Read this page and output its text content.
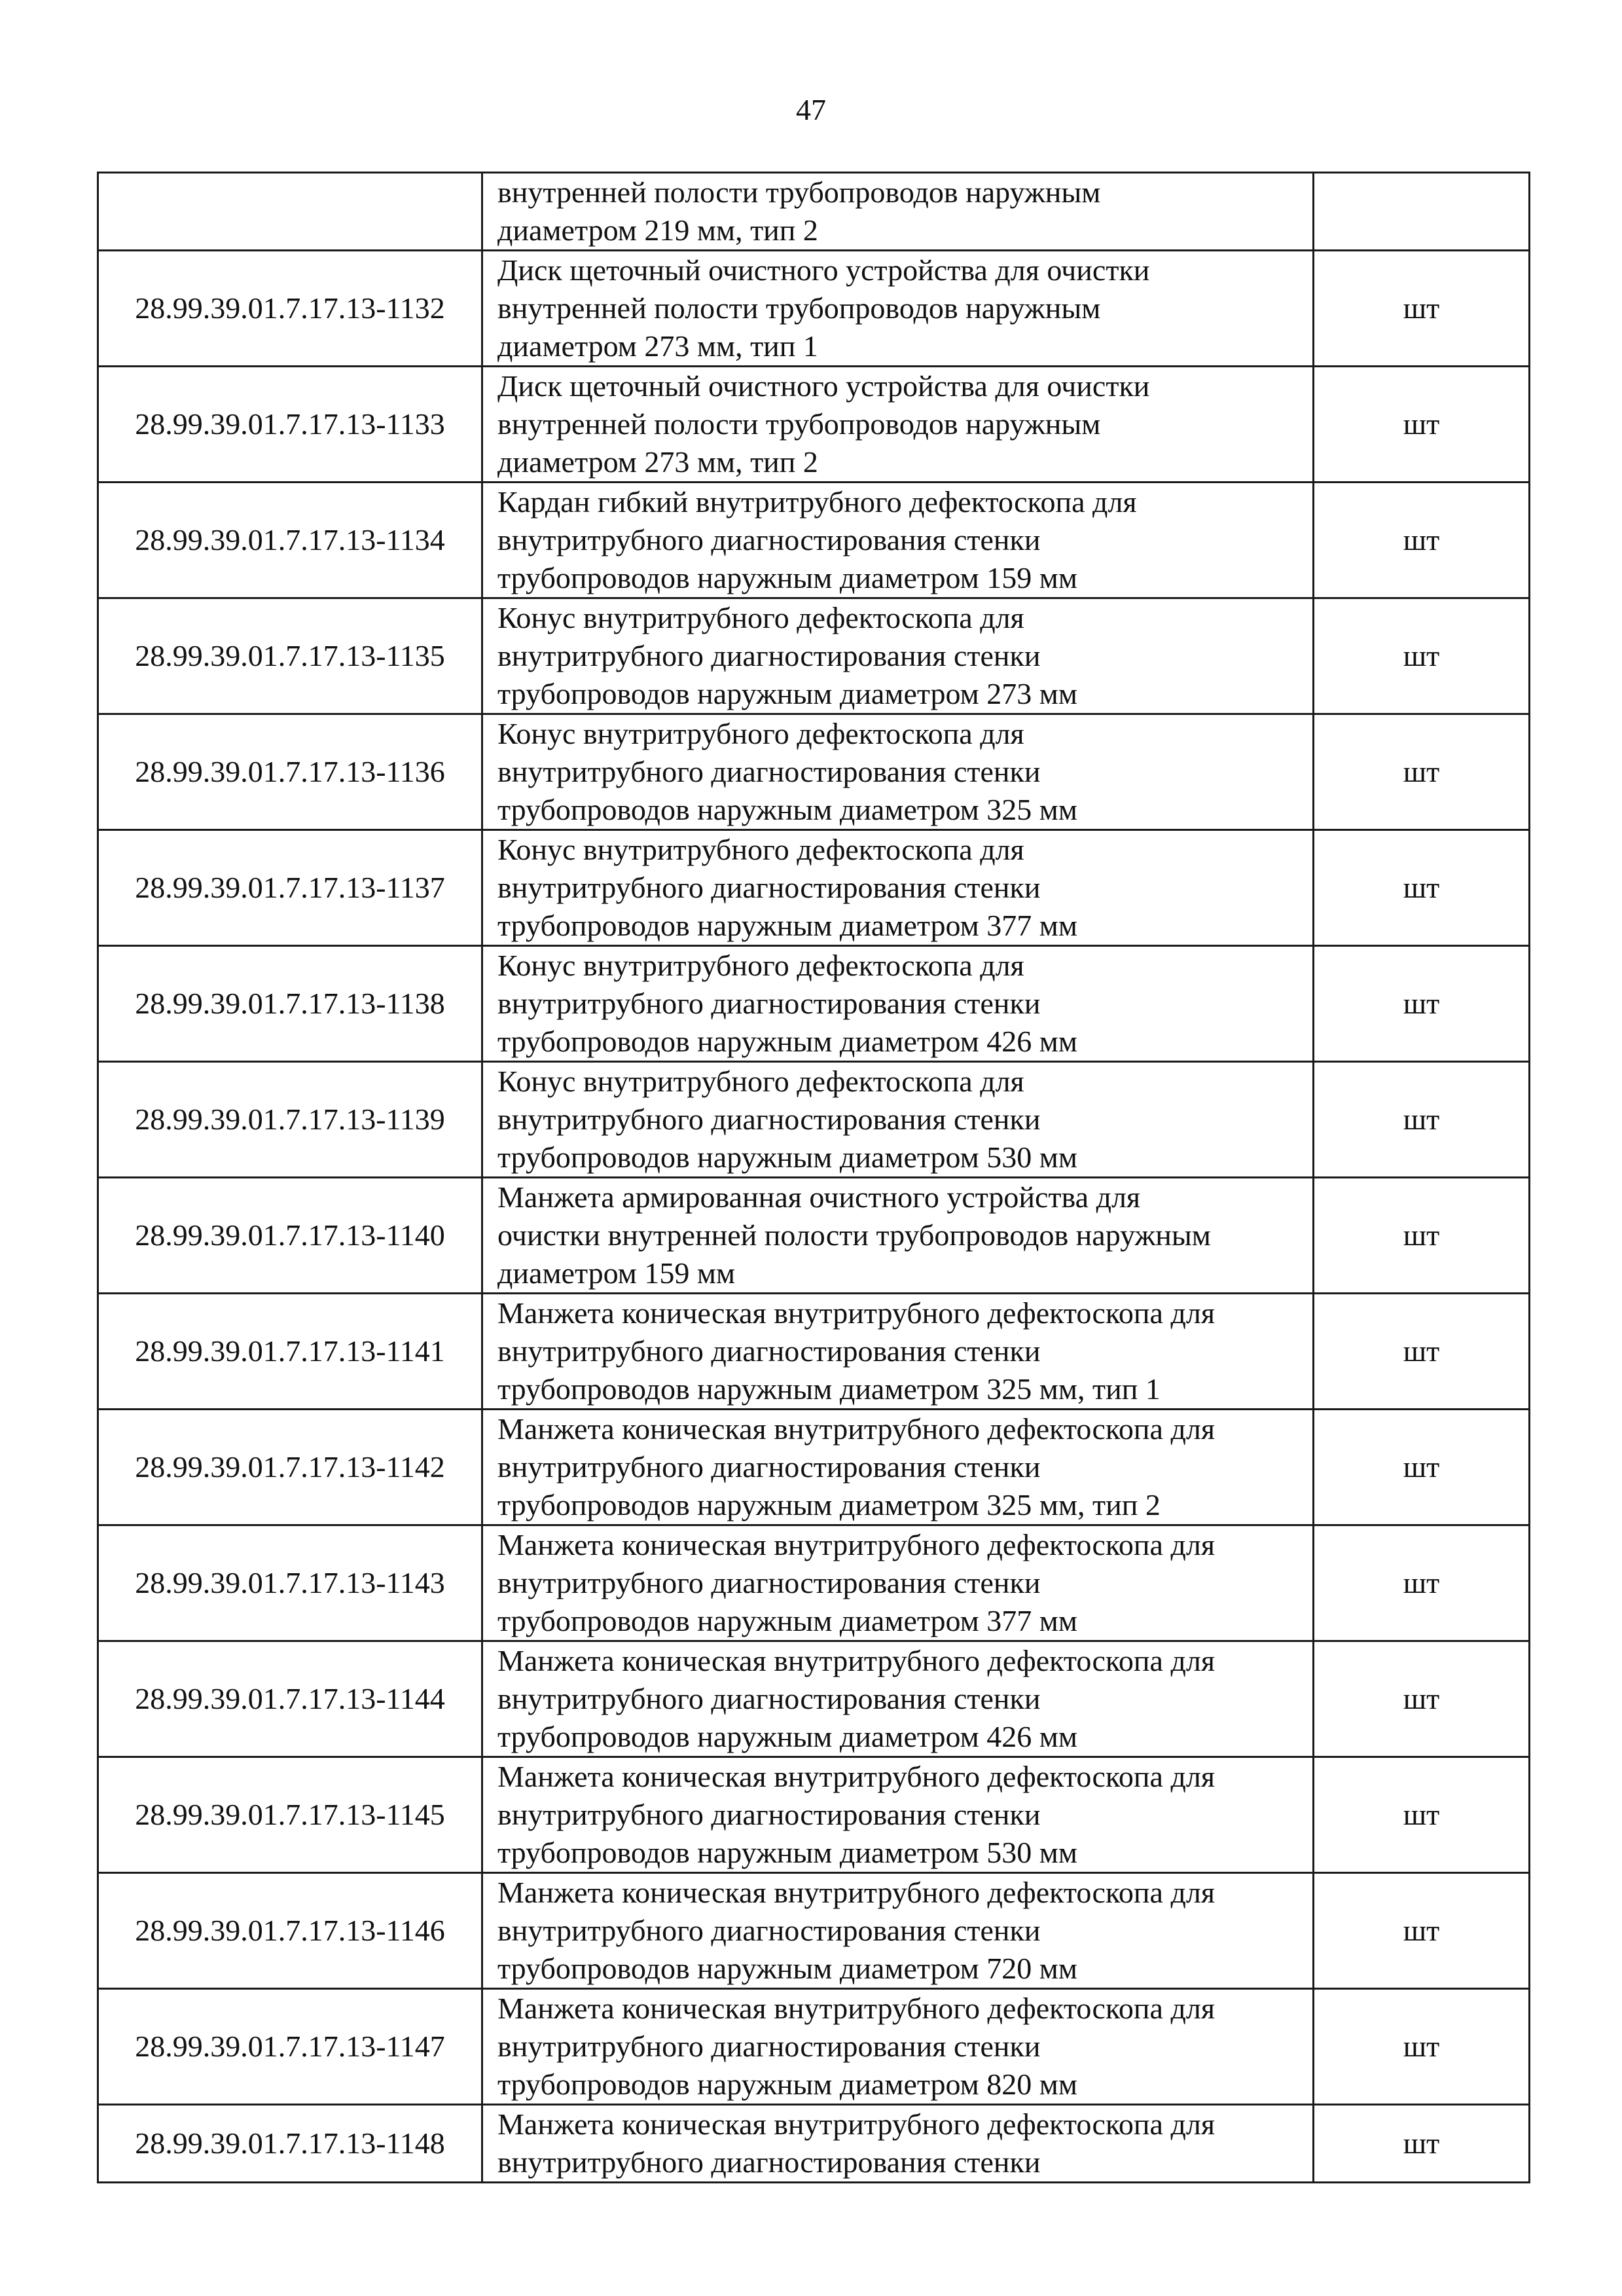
47

	внутренней полости трубопроводов наружным
диаметром 219 мм, тип 2	

28.99.39.01.7.17.13-1132	Диск щеточный очистного устройства для очистки
внутренней полости трубопроводов наружным
диаметром 273 мм, тип 1	шт
28.99.39.01.7.17.13-1133	Диск щеточный очистного устройства для очистки
внутренней полости трубопроводов наружным
диаметром 273 мм, тип 2	шт
28.99.39.01.7.17.13-1134	Кардан гибкий внутритрубного дефектоскопа для
внутритрубного диагностирования стенки
трубопроводов наружным диаметром 159 мм	шт
28.99.39.01.7.17.13-1135	Конус внутритрубного дефектоскопа для
внутритрубного диагностирования стенки
трубопроводов наружным диаметром 273 мм	шт
28.99.39.01.7.17.13-1136	Конус внутритрубного дефектоскопа для
внутритрубного диагностирования стенки
трубопроводов наружным диаметром 325 мм	шт
28.99.39.01.7.17.13-1137	Конус внутритрубного дефектоскопа для
внутритрубного диагностирования стенки
трубопроводов наружным диаметром 377 мм	шт
28.99.39.01.7.17.13-1138	Конус внутритрубного дефектоскопа для
внутритрубного диагностирования стенки
трубопроводов наружным диаметром 426 мм	шт
28.99.39.01.7.17.13-1139	Конус внутритрубного дефектоскопа для
внутритрубного диагностирования стенки
трубопроводов наружным диаметром 530 мм	шт
28.99.39.01.7.17.13-1140	Манжета армированная очистного устройства для
очистки внутренней полости трубопроводов наружным
диаметром 159 мм	шт
28.99.39.01.7.17.13-1141	Манжета коническая внутритрубного дефектоскопа для
внутритрубного диагностирования стенки
трубопроводов наружным диаметром 325 мм, тип 1	шт
28.99.39.01.7.17.13-1142	Манжета коническая внутритрубного дефектоскопа для
внутритрубного диагностирования стенки
трубопроводов наружным диаметром 325 мм, тип 2	шт
28.99.39.01.7.17.13-1143	Манжета коническая внутритрубного дефектоскопа для
внутритрубного диагностирования стенки
трубопроводов наружным диаметром 377 мм	шт
28.99.39.01.7.17.13-1144	Манжета коническая внутритрубного дефектоскопа для
внутритрубного диагностирования стенки
трубопроводов наружным диаметром 426 мм	шт
28.99.39.01.7.17.13-1145	Манжета коническая внутритрубного дефектоскопа для
внутритрубного диагностирования стенки
трубопроводов наружным диаметром 530 мм	шт
28.99.39.01.7.17.13-1146	Манжета коническая внутритрубного дефектоскопа для
внутритрубного диагностирования стенки
трубопроводов наружным диаметром 720 мм	шт
28.99.39.01.7.17.13-1147	Манжета коническая внутритрубного дефектоскопа для
внутритрубного диагностирования стенки
трубопроводов наружным диаметром 820 мм	шт
28.99.39.01.7.17.13-1148	Манжета коническая внутритрубного дефектоскопа для
внутритрубного диагностирования стенки	шт
